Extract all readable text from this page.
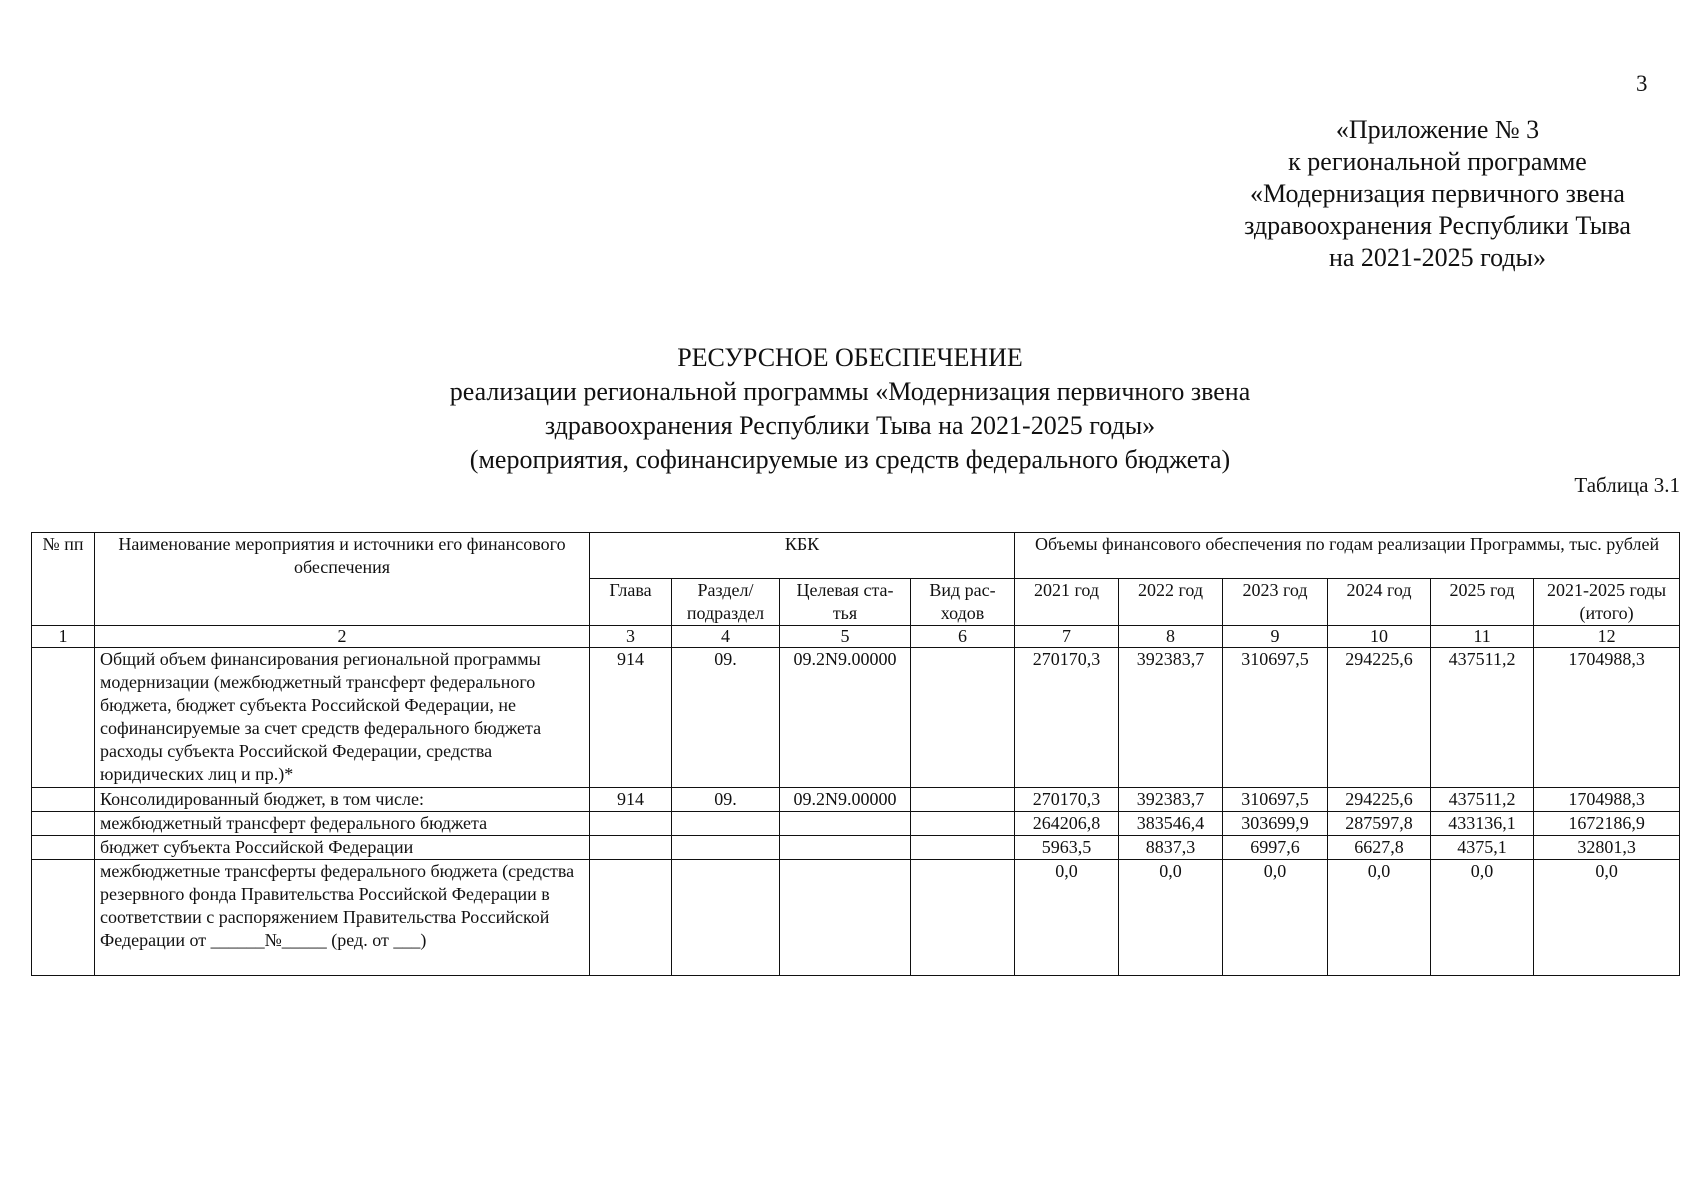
3
«Приложение № 3
к региональной программе
«Модернизация первичного звена
здравоохранения Республики Тыва
на 2021-2025 годы»
РЕСУРСНОЕ ОБЕСПЕЧЕНИЕ
реализации региональной программы «Модернизация первичного звена
здравоохранения Республики Тыва на 2021-2025 годы»
(мероприятия, софинансируемые из средств федерального бюджета)
Таблица 3.1
№ пп	Наименование мероприятия и источники его финансового обеспечения	КБК				Объемы финансового обеспечения по годам реализации Программы, тыс. рублей					
		Глава	Раздел/ подраздел	Целевая ста- тья	Вид рас- ходов	2021 год	2022 год	2023 год	2024 год	2025 год	2021-2025 годы (итого)
1	2	3	4	5	6	7	8	9	10	11	12
	Общий объем финансирования региональной программы модернизации (межбюджетный трансферт федерального бюджета, бюджет субъекта Российской Федерации, не софинансируемые за счет средств федерального бюджета расходы субъекта Российской Федерации, средства юридических лиц и пр.)*	914	09.	09.2N9.00000		270170,3	392383,7	310697,5	294225,6	437511,2	1704988,3
	Консолидированный бюджет, в том числе:	914	09.	09.2N9.00000		270170,3	392383,7	310697,5	294225,6	437511,2	1704988,3
	межбюджетный трансферт федерального бюджета					264206,8	383546,4	303699,9	287597,8	433136,1	1672186,9
	бюджет субъекта Российской Федерации					5963,5	8837,3	6997,6	6627,8	4375,1	32801,3
	межбюджетные трансферты федерального бюджета (средства резервного фонда Правительства Российской Федерации в соответствии с распоряжением Правительства Российской Федерации от ______№_____ (ред. от ___)					0,0	0,0	0,0	0,0	0,0	0,0
